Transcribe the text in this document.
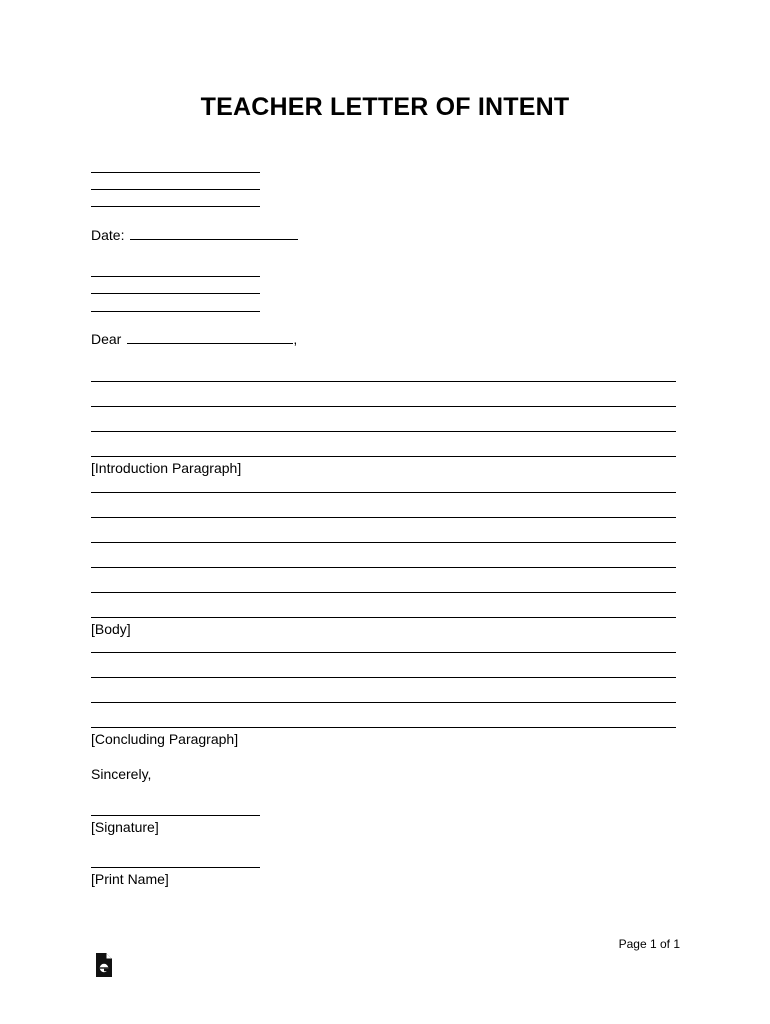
TEACHER LETTER OF INTENT
Date:
Dear	,
[Introduction Paragraph]
[Body]
[Concluding Paragraph]
Sincerely,
[Signature]
[Print Name]
Page 1 of 1
